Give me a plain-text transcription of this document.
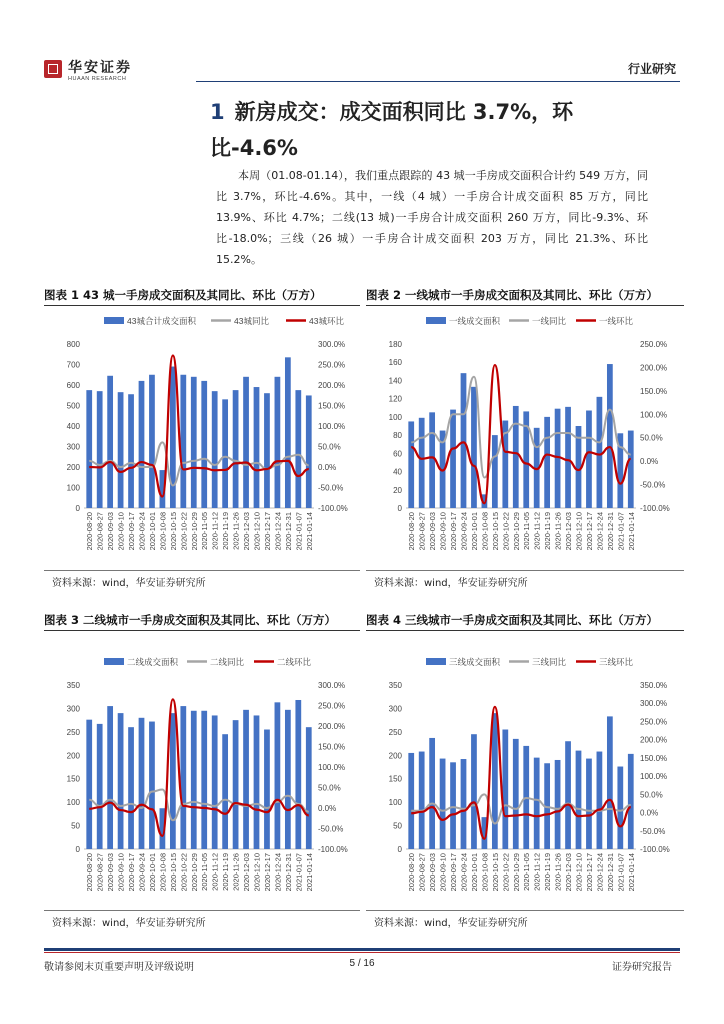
华安证券
HUAAN RESEARCH
行业研究
1 新房成交：成交面积同比 3.7%，环比-4.6%

本周（01.08-01.14），我们重点跟踪的 43 城一手房成交面积合计约 549 万方，同比 3.7%，环比-4.6%。其中，一线（4 城）一手房合计成交面积 85 万方，同比 13.9%、环比 4.7%；二线(13 城)一手房合计成交面积 260 万方，同比-9.3%、环比-18.0%；三线（26 城）一手房合计成交面积 203 万方，同比 21.3%、环比 15.2%。

图表 1 43 城一手房成交面积及其同比、环比（万方）
43城合计成交面积	43城同比	43城环比
0
100
200
300
400
500
600
700
800
-100.0%
-50.0%
0.0%
50.0%
100.0%
150.0%
200.0%
250.0%
300.0%
2020-08-20 2020-08-27 2020-09-03 2020-09-10 2020-09-17 2020-09-24 2020-10-01 2020-10-08 2020-10-15 2020-10-22 2020-10-29 2020-11-05 2020-11-12 2020-11-19 2020-11-26 2020-12-03 2020-12-10 2020-12-17 2020-12-24 2020-12-31 2021-01-07 2021-01-14
资料来源：wind，华安证券研究所
图表 2 一线城市一手房成交面积及其同比、环比（万方）
一线成交面积	一线同比	一线环比
0
20
40
60
80
100
120
140
160
180
-100.0%
-50.0%
0.0%
50.0%
100.0%
150.0%
200.0%
250.0%
2020-08-20 2020-08-27 2020-09-03 2020-09-10 2020-09-17 2020-09-24 2020-10-01 2020-10-08 2020-10-15 2020-10-22 2020-10-29 2020-11-05 2020-11-12 2020-11-19 2020-11-26 2020-12-03 2020-12-10 2020-12-17 2020-12-24 2020-12-31 2021-01-07 2021-01-14
资料来源：wind，华安证券研究所
图表 3 二线城市一手房成交面积及其同比、环比（万方）
二线成交面积	二线同比	二线环比
0
50
100
150
200
250
300
350
-100.0%
-50.0%
0.0%
50.0%
100.0%
150.0%
200.0%
250.0%
300.0%
2020-08-20 2020-08-27 2020-09-03 2020-09-10 2020-09-17 2020-09-24 2020-10-01 2020-10-08 2020-10-15 2020-10-22 2020-10-29 2020-11-05 2020-11-12 2020-11-19 2020-11-26 2020-12-03 2020-12-10 2020-12-17 2020-12-24 2020-12-31 2021-01-07 2021-01-14
资料来源：wind，华安证券研究所
图表 4 三线城市一手房成交面积及其同比、环比（万方）
三线成交面积	三线同比	三线环比
0
50
100
150
200
250
300
350
-100.0%
-50.0%
0.0%
50.0%
100.0%
150.0%
200.0%
250.0%
300.0%
350.0%
2020-08-20 2020-08-27 2020-09-03 2020-09-10 2020-09-17 2020-09-24 2020-10-01 2020-10-08 2020-10-15 2020-10-22 2020-10-29 2020-11-05 2020-11-12 2020-11-19 2020-11-26 2020-12-03 2020-12-10 2020-12-17 2020-12-24 2020-12-31 2021-01-07 2021-01-14
资料来源：wind，华安证券研究所
敬请参阅末页重要声明及评级说明	5 / 16	证券研究报告
